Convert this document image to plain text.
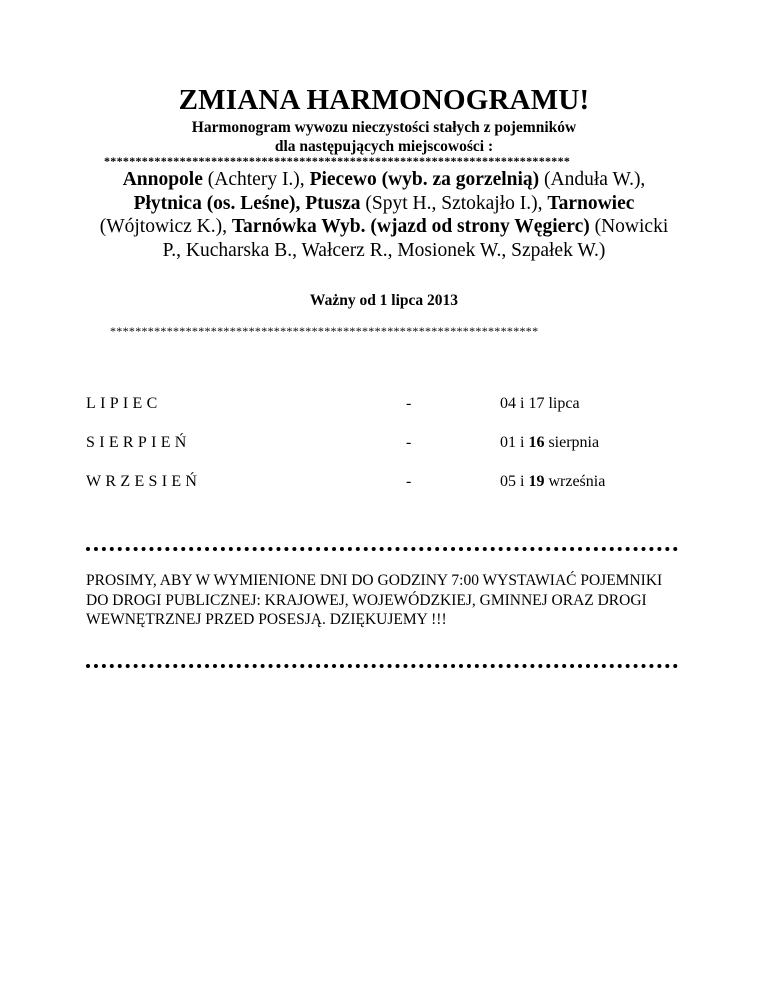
ZMIANA HARMONOGRAMU!
Harmonogram wywozu nieczystości stałych z pojemników
dla następujących miejscowości :
**************************************************************************
Annopole (Achtery I.), Piecewo (wyb. za gorzelnią) (Anduła W.), Płytnica (os. Leśne), Ptusza (Spyt H., Sztokajło I.), Tarnowiec (Wójtowicz K.), Tarnówka Wyb. (wjazd od strony Węgierc) (Nowicki P., Kucharska B., Wałcerz R., Mosionek W., Szpałek W.)
Ważny od 1 lipca 2013
********************************************************************
LIPIEC	-	04 i 17 lipca
SIERPIEŃ	-	01 i 16 sierpnia
WRZESIEŃ	-	05 i 19 września
PROSIMY, ABY W WYMIENIONE DNI DO GODZINY 7:00 WYSTAWIAĆ POJEMNIKI DO DROGI PUBLICZNEJ: KRAJOWEJ, WOJEWÓDZKIEJ, GMINNEJ ORAZ DROGI WEWNĘTRZNEJ PRZED POSESJĄ. DZIĘKUJEMY !!!
